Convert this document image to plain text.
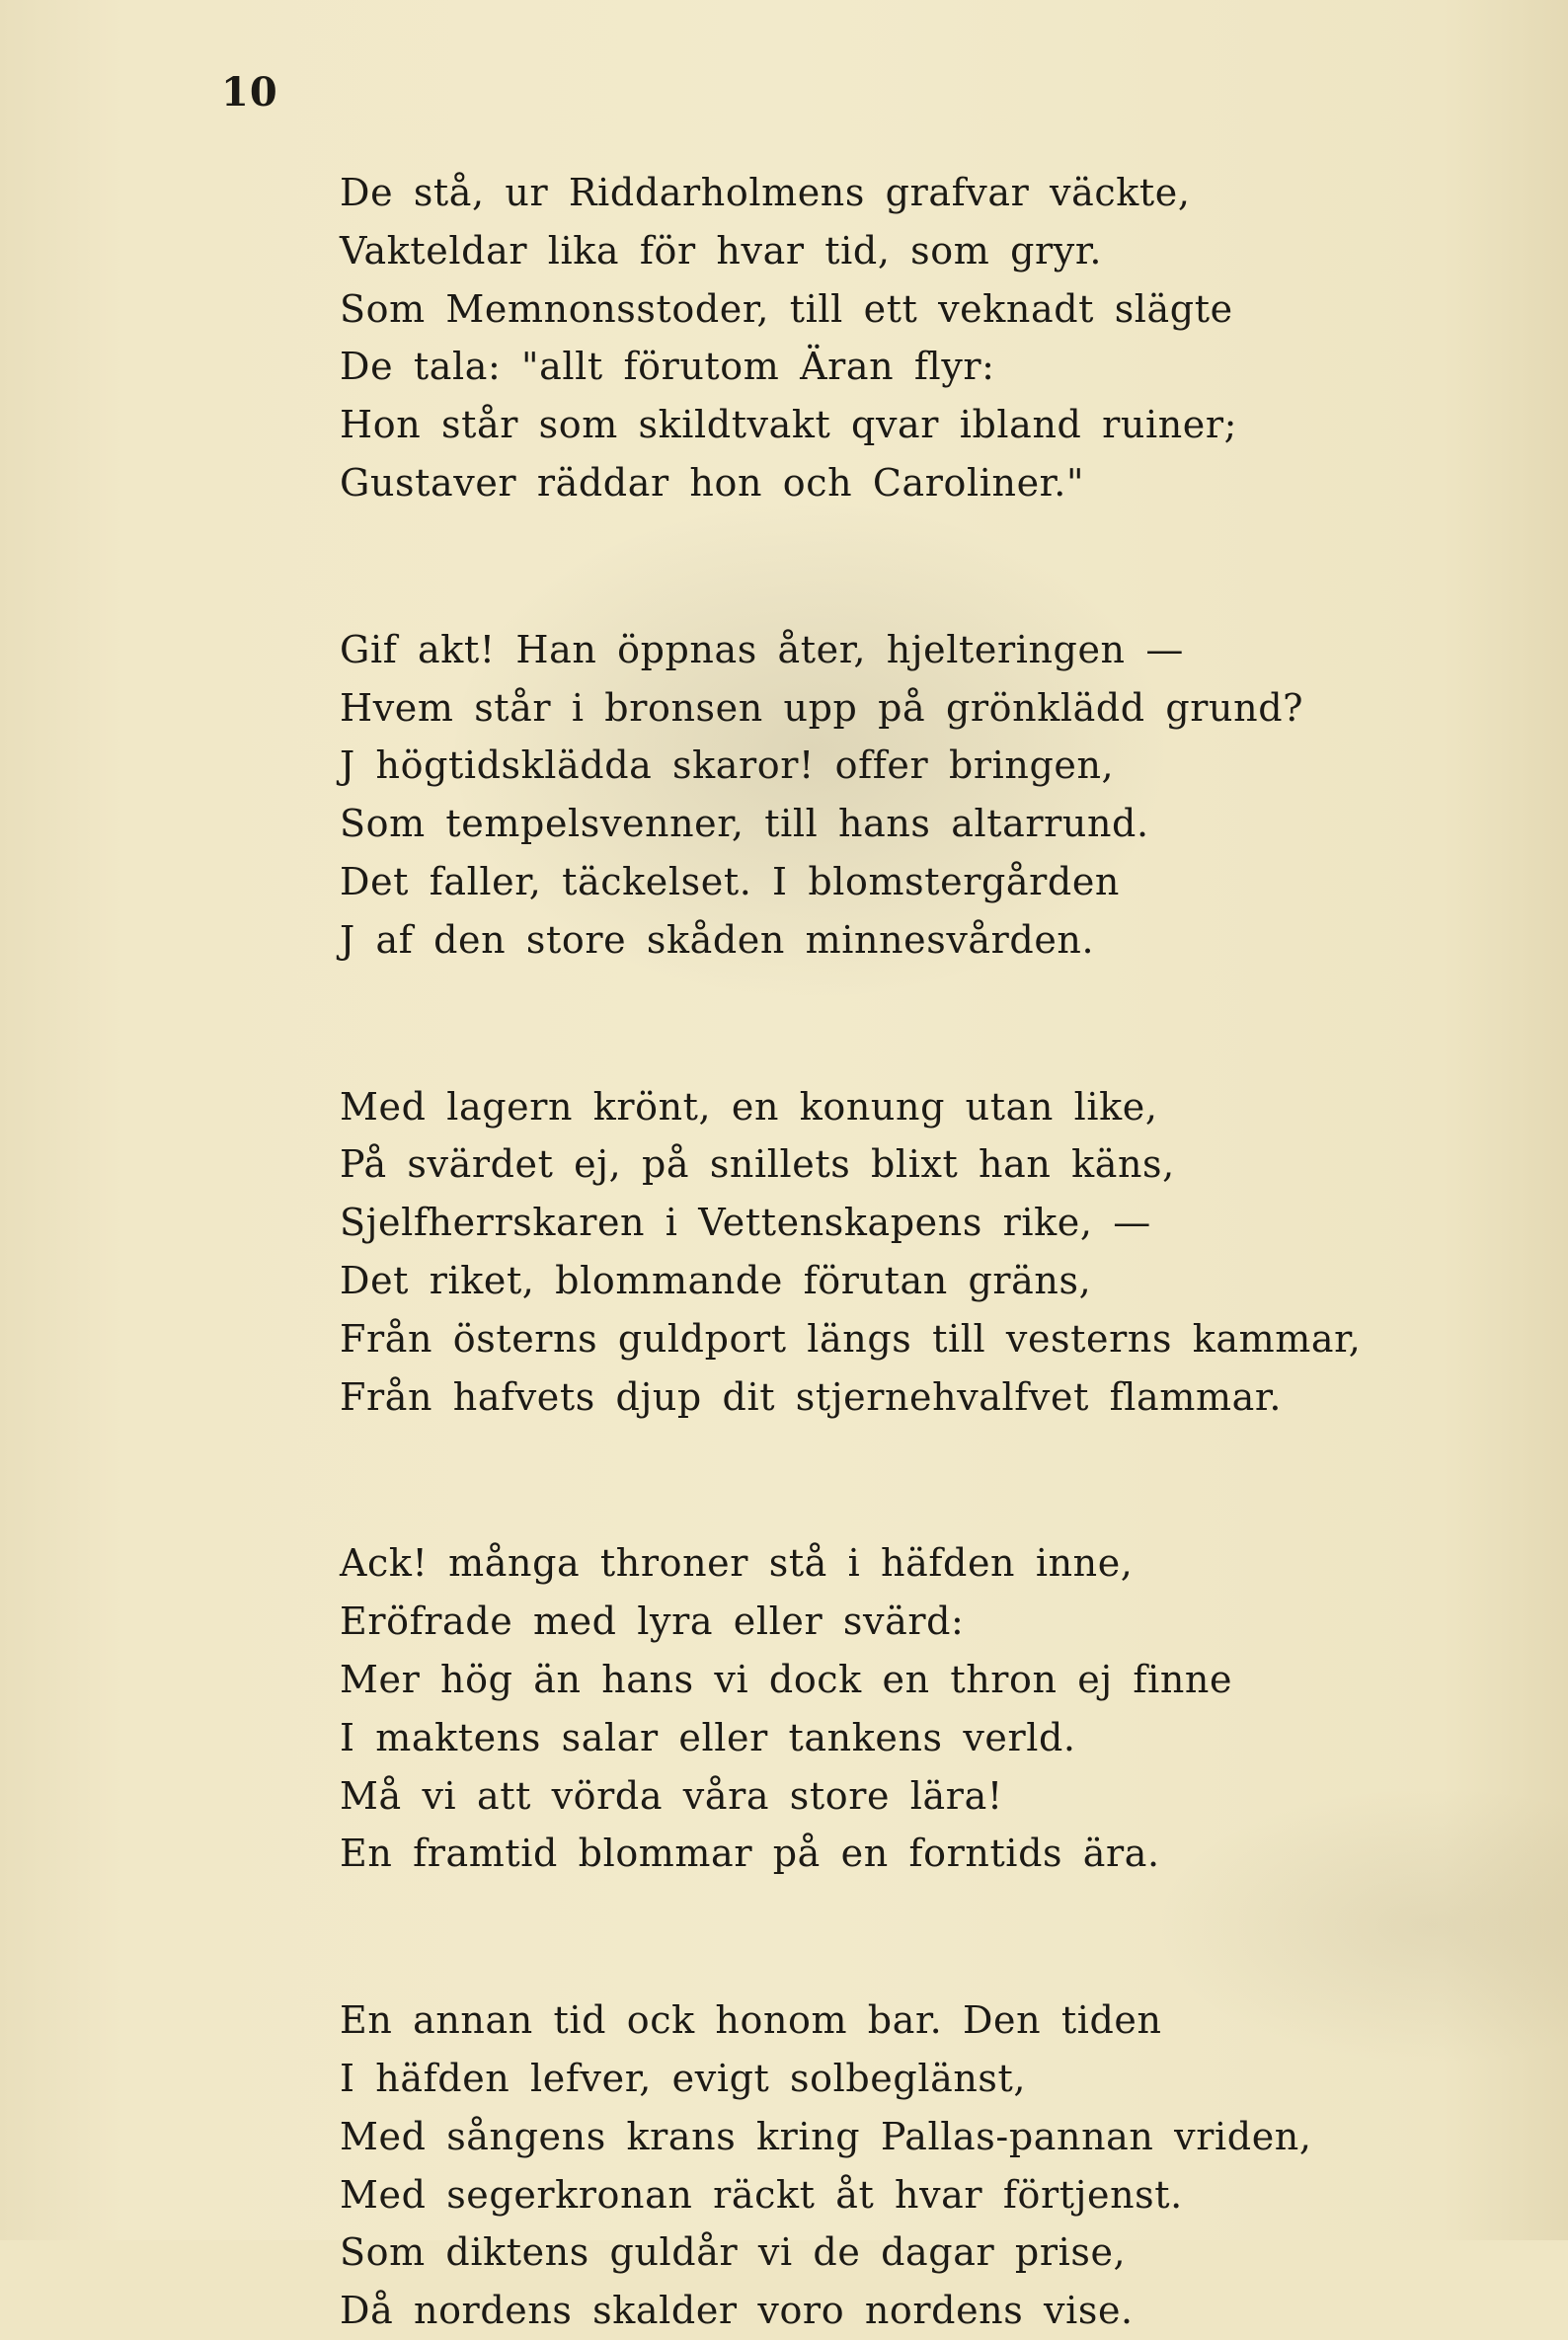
10
De stå, ur Riddarholmens grafvar väckte,
Vakteldar lika för hvar tid, som gryr.
Som Memnonsstoder, till ett veknadt slägte
De tala: "allt förutom Äran flyr:
Hon står som skildtvakt qvar ibland ruiner;
Gustaver räddar hon och Caroliner."
Gif akt! Han öppnas åter, hjelteringen —
Hvem står i bronsen upp på grönklädd grund?
J högtidsklädda skaror! offer bringen,
Som tempelsvenner, till hans altarrund.
Det faller, täckelset. I blomstergården
J af den store skåden minnesvården.
Med lagern krönt, en konung utan like,
På svärdet ej, på snillets blixt han käns,
Sjelfherrskaren i Vettenskapens rike, —
Det riket, blommande förutan gräns,
Från österns guldport längs till vesterns kammar,
Från hafvets djup dit stjernehvalfvet flammar.
Ack! många throner stå i häfden inne,
Eröfrade med lyra eller svärd:
Mer hög än hans vi dock en thron ej finne
I maktens salar eller tankens verld.
Må vi att vörda våra store lära!
En framtid blommar på en forntids ära.
En annan tid ock honom bar. Den tiden
I häfden lefver, evigt solbeglänst,
Med sångens krans kring Pallas-pannan vriden,
Med segerkronan räckt åt hvar förtjenst.
Som diktens guldår vi de dagar prise,
Då nordens skalder voro nordens vise.
